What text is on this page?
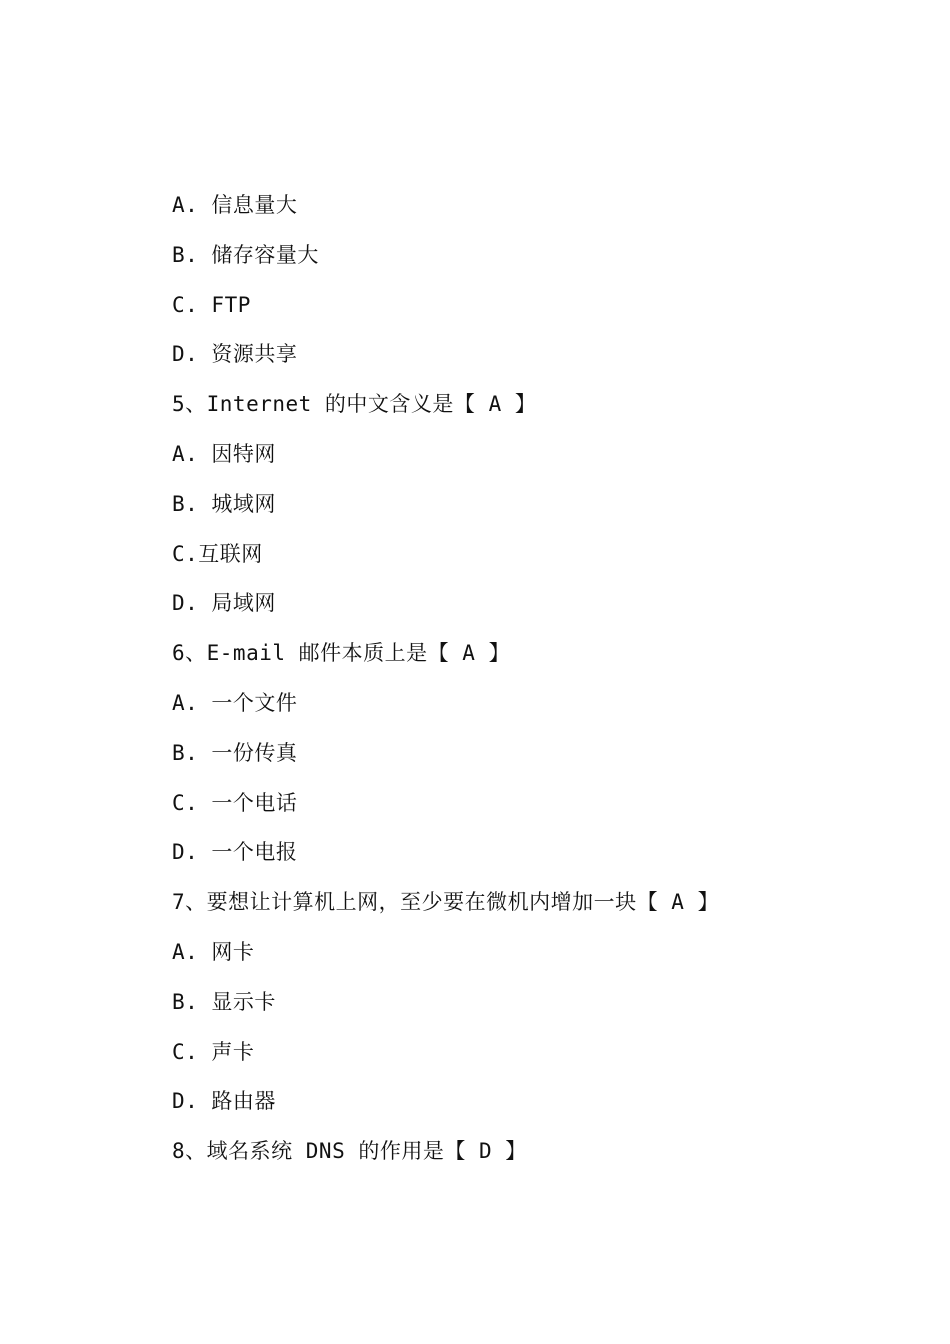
A. 信息量大
B. 储存容量大
C. FTP
D. 资源共享
5、Internet 的中文含义是【 A 】
A. 因特网
B. 城域网
C.互联网
D. 局域网
6、E-mail 邮件本质上是【 A 】
A. 一个文件
B. 一份传真
C. 一个电话
D. 一个电报
7、要想让计算机上网，至少要在微机内增加一块【 A 】
A. 网卡
B. 显示卡
C. 声卡
D. 路由器
8、域名系统 DNS 的作用是【 D 】
